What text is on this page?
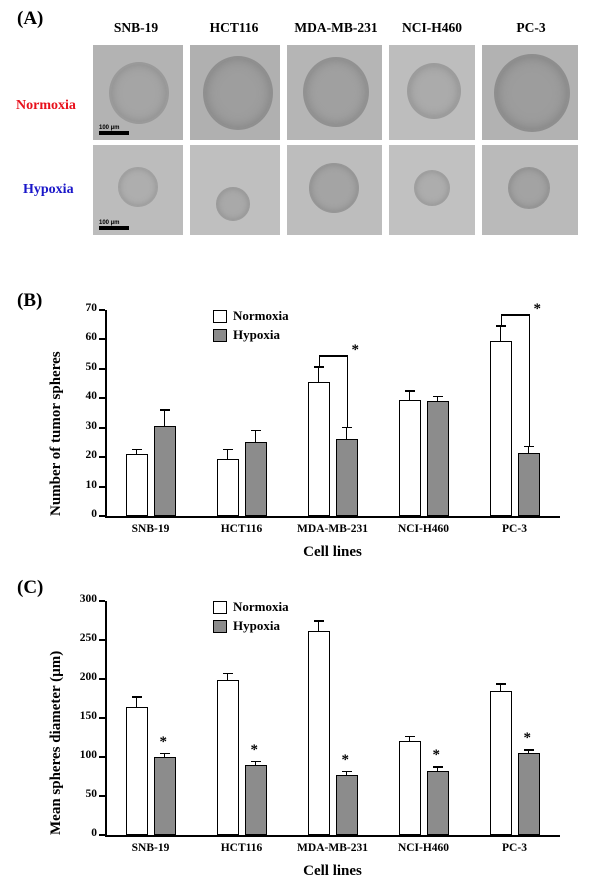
(A)	SNB-19	HCT116	MDA-MB-231	NCI-H460	PC-3
Normoxia
Hypoxia
100 µm
100 µm
(B)
0
10
20
30
40
50
60
70
SNB-19	HCT116	MDA-MB-231	NCI-H460	PC-3
Cell lines
Number of tumor spheres
Normoxia
Hypoxia
*
*
(C)
0
50
100
150
200
250
300
SNB-19	HCT116	MDA-MB-231	NCI-H460	PC-3
Cell lines
Mean spheres diameter (µm)
Normoxia
Hypoxia
*	*
*	*
*
